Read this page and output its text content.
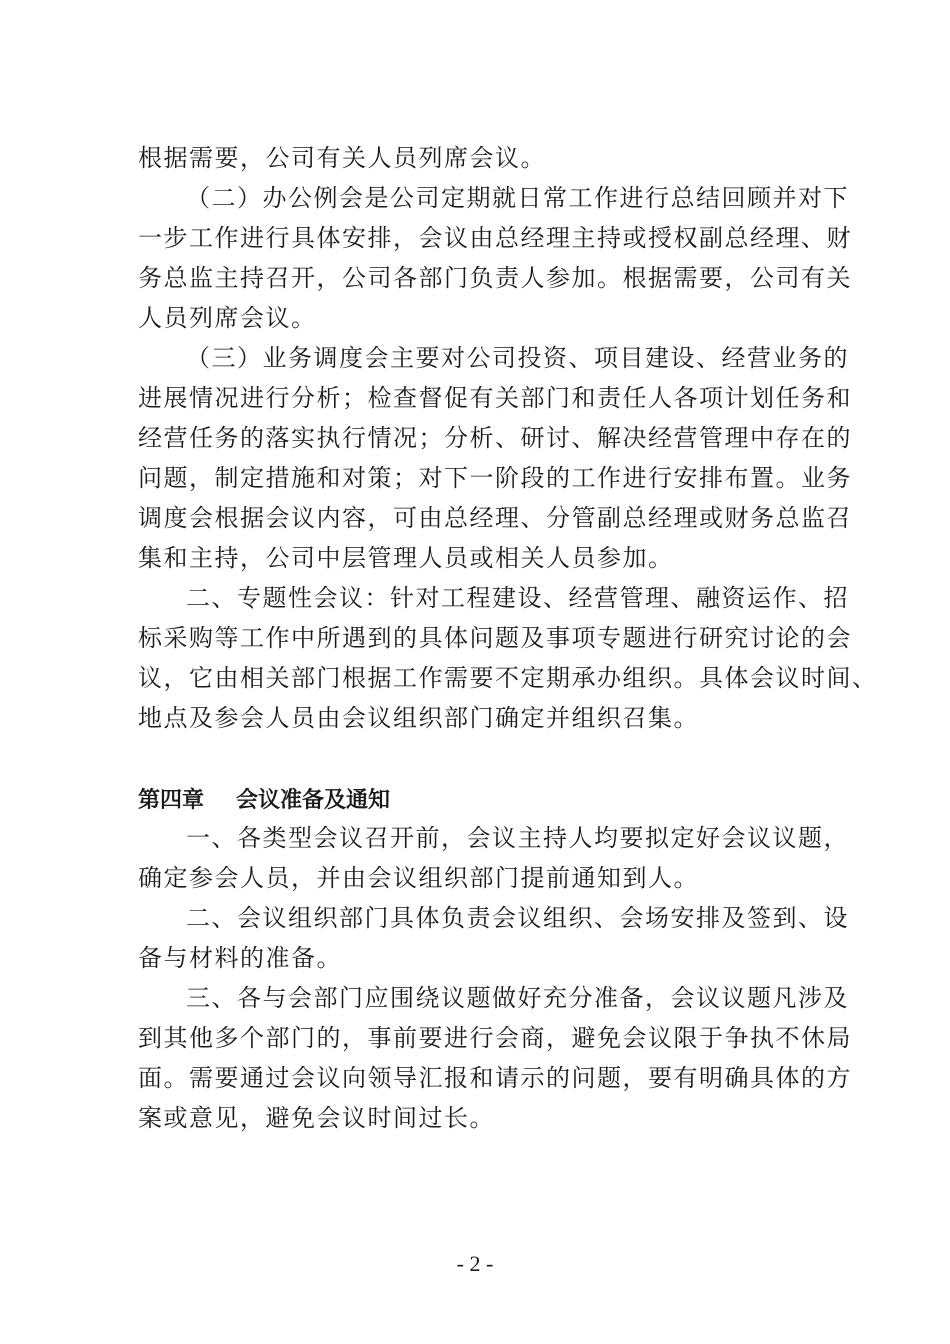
根据需要，公司有关人员列席会议。
（二）办公例会是公司定期就日常工作进行总结回顾并对下
一步工作进行具体安排，会议由总经理主持或授权副总经理、财
务总监主持召开，公司各部门负责人参加。根据需要，公司有关
人员列席会议。
（三）业务调度会主要对公司投资、项目建设、经营业务的
进展情况进行分析；检查督促有关部门和责任人各项计划任务和
经营任务的落实执行情况；分析、研讨、解决经营管理中存在的
问题，制定措施和对策；对下一阶段的工作进行安排布置。业务
调度会根据会议内容，可由总经理、分管副总经理或财务总监召
集和主持，公司中层管理人员或相关人员参加。
二、专题性会议：针对工程建设、经营管理、融资运作、招
标采购等工作中所遇到的具体问题及事项专题进行研究讨论的会
议，它由相关部门根据工作需要不定期承办组织。具体会议时间、
地点及参会人员由会议组织部门确定并组织召集。
第四章 会议准备及通知
一、各类型会议召开前，会议主持人均要拟定好会议议题，
确定参会人员，并由会议组织部门提前通知到人。
二、会议组织部门具体负责会议组织、会场安排及签到、设
备与材料的准备。
三、各与会部门应围绕议题做好充分准备，会议议题凡涉及
到其他多个部门的，事前要进行会商，避免会议限于争执不休局
面。需要通过会议向领导汇报和请示的问题，要有明确具体的方
案或意见，避免会议时间过长。
- 2 -
